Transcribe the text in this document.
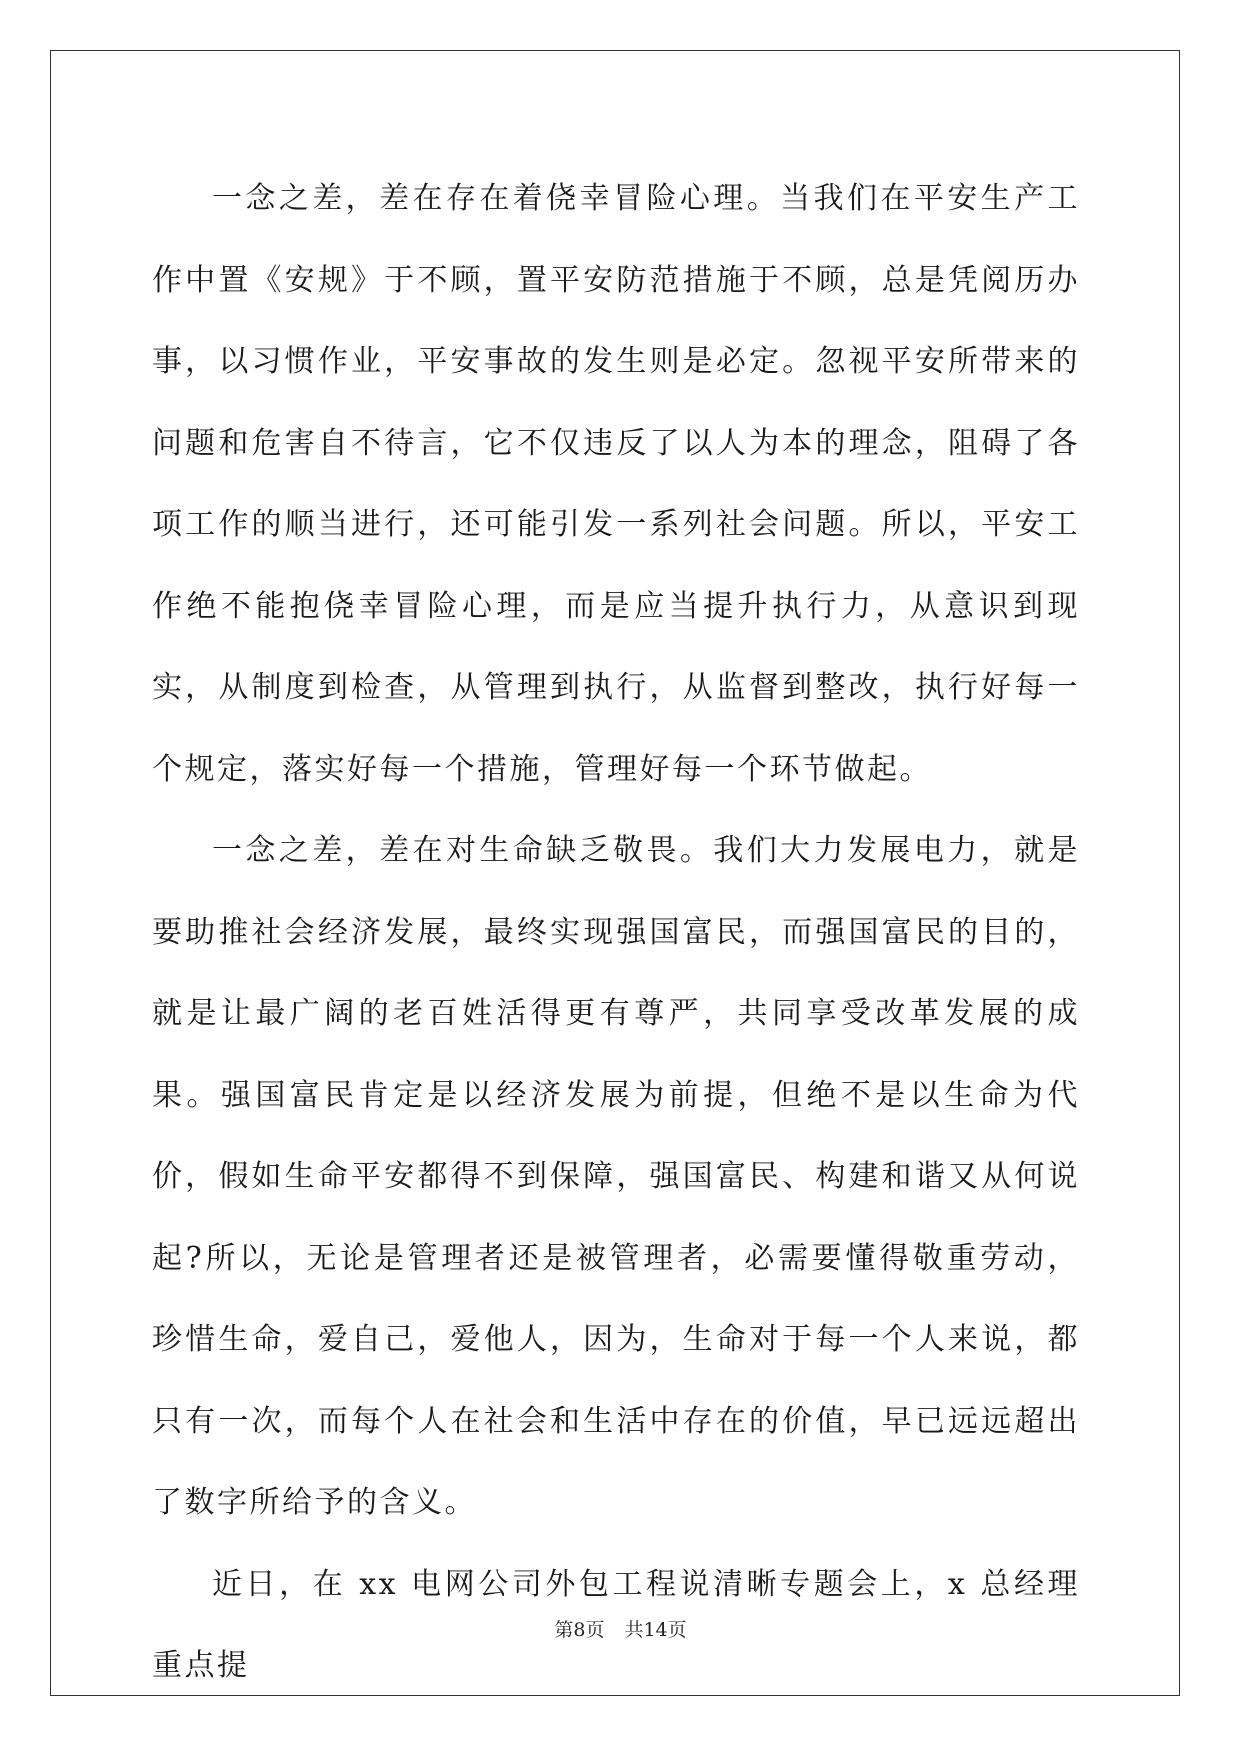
一念之差，差在存在着侥幸冒险心理。当我们在平安生产工作中置《安规》于不顾，置平安防范措施于不顾，总是凭阅历办事，以习惯作业，平安事故的发生则是必定。忽视平安所带来的问题和危害自不待言，它不仅违反了以人为本的理念，阻碍了各项工作的顺当进行，还可能引发一系列社会问题。所以，平安工作绝不能抱侥幸冒险心理，而是应当提升执行力，从意识到现实，从制度到检查，从管理到执行，从监督到整改，执行好每一个规定，落实好每一个措施，管理好每一个环节做起。

一念之差，差在对生命缺乏敬畏。我们大力发展电力，就是要助推社会经济发展，最终实现强国富民，而强国富民的目的，就是让最广阔的老百姓活得更有尊严，共同享受改革发展的成果。强国富民肯定是以经济发展为前提，但绝不是以生命为代价，假如生命平安都得不到保障，强国富民、构建和谐又从何说起?所以，无论是管理者还是被管理者，必需要懂得敬重劳动，珍惜生命，爱自己，爱他人，因为，生命对于每一个人来说，都只有一次，而每个人在社会和生活中存在的价值，早已远远超出了数字所给予的含义。

近日，在 xx 电网公司外包工程说清晰专题会上，x 总经理重点提

第8页 共14页
